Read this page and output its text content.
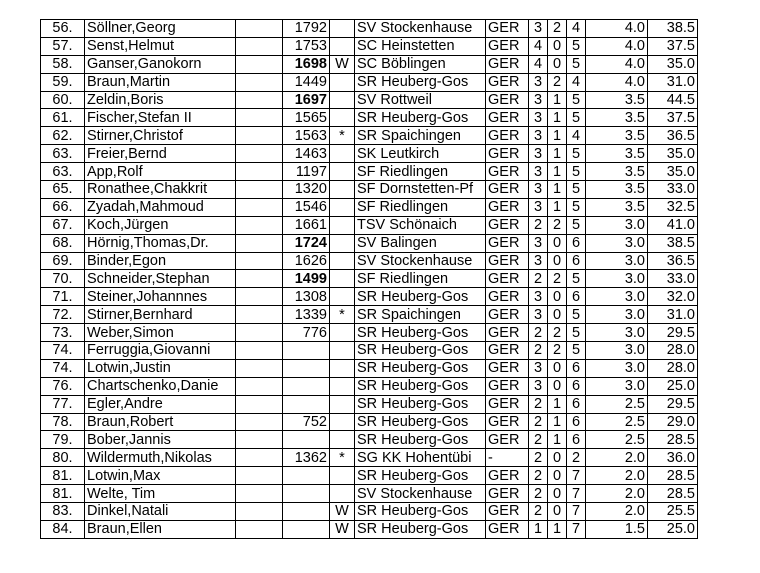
56.	Söllner,Georg		1792		SV Stockenhause	GER	3	2	4	4.0	38.5
57.	Senst,Helmut		1753		SC Heinstetten	GER	4	0	5	4.0	37.5
58.	Ganser,Ganokorn		1698	W	SC Böblingen	GER	4	0	5	4.0	35.0
59.	Braun,Martin		1449		SR Heuberg-Gos	GER	3	2	4	4.0	31.0
60.	Zeldin,Boris		1697		SV Rottweil	GER	3	1	5	3.5	44.5
61.	Fischer,Stefan II		1565		SR Heuberg-Gos	GER	3	1	5	3.5	37.5
62.	Stirner,Christof		1563	*	SR Spaichingen	GER	3	1	4	3.5	36.5
63.	Freier,Bernd		1463		SK Leutkirch	GER	3	1	5	3.5	35.0
63.	App,Rolf		1197		SF Riedlingen	GER	3	1	5	3.5	35.0
65.	Ronathee,Chakkrit		1320		SF Dornstetten-Pf	GER	3	1	5	3.5	33.0
66.	Zyadah,Mahmoud		1546		SF Riedlingen	GER	3	1	5	3.5	32.5
67.	Koch,Jürgen		1661		TSV Schönaich	GER	2	2	5	3.0	41.0
68.	Hörnig,Thomas,Dr.		1724		SV Balingen	GER	3	0	6	3.0	38.5
69.	Binder,Egon		1626		SV Stockenhause	GER	3	0	6	3.0	36.5
70.	Schneider,Stephan		1499		SF Riedlingen	GER	2	2	5	3.0	33.0
71.	Steiner,Johannnes		1308		SR Heuberg-Gos	GER	3	0	6	3.0	32.0
72.	Stirner,Bernhard		1339	*	SR Spaichingen	GER	3	0	5	3.0	31.0
73.	Weber,Simon		776		SR Heuberg-Gos	GER	2	2	5	3.0	29.5
74.	Ferruggia,Giovanni				SR Heuberg-Gos	GER	2	2	5	3.0	28.0
74.	Lotwin,Justin				SR Heuberg-Gos	GER	3	0	6	3.0	28.0
76.	Chartschenko,Danie				SR Heuberg-Gos	GER	3	0	6	3.0	25.0
77.	Egler,Andre				SR Heuberg-Gos	GER	2	1	6	2.5	29.5
78.	Braun,Robert		752		SR Heuberg-Gos	GER	2	1	6	2.5	29.0
79.	Bober,Jannis				SR Heuberg-Gos	GER	2	1	6	2.5	28.5
80.	Wildermuth,Nikolas		1362	*	SG KK Hohentübi	-	2	0	2	2.0	36.0
81.	Lotwin,Max				SR Heuberg-Gos	GER	2	0	7	2.0	28.5
81.	Welte, Tim				SV Stockenhause	GER	2	0	7	2.0	28.5
83.	Dinkel,Natali			W	SR Heuberg-Gos	GER	2	0	7	2.0	25.5
84.	Braun,Ellen			W	SR Heuberg-Gos	GER	1	1	7	1.5	25.0
